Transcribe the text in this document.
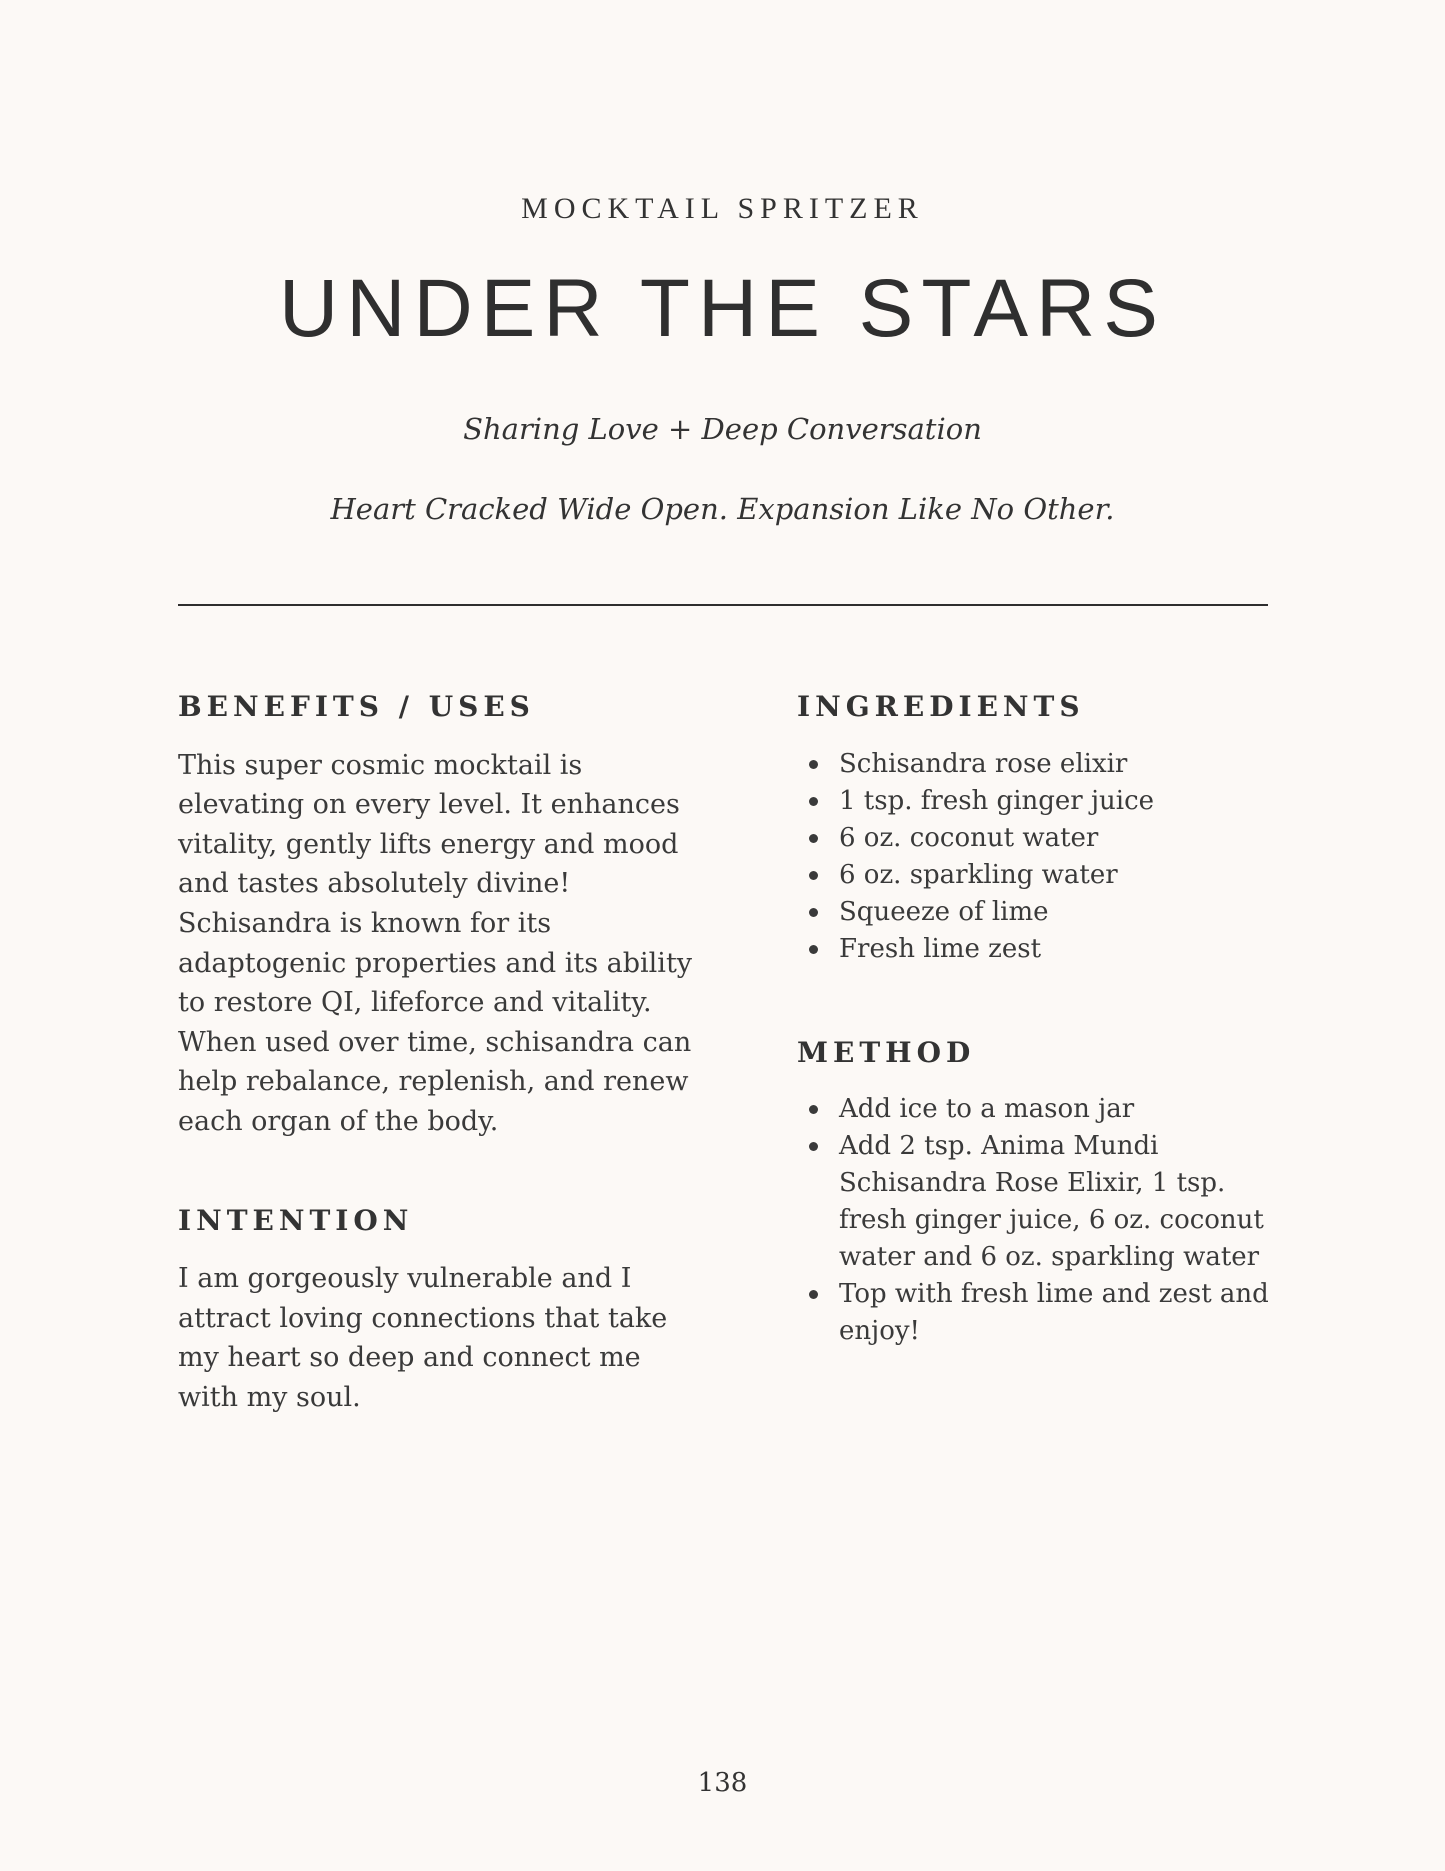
MOCKTAIL SPRITZER
UNDER THE STARS
Sharing Love + Deep Conversation
Heart Cracked Wide Open. Expansion Like No Other.
BENEFITS / USES

This super cosmic mocktail is elevating on every level. It enhances vitality, gently lifts energy and mood and tastes absolutely divine! Schisandra is known for its adaptogenic properties and its ability to restore QI, lifeforce and vitality. When used over time, schisandra can help rebalance, replenish, and renew each organ of the body.

INTENTION

I am gorgeously vulnerable and I attract loving connections that take my heart so deep and connect me with my soul.

INGREDIENTS
Schisandra rose elixir
1 tsp. fresh ginger juice
6 oz. coconut water
6 oz. sparkling water
Squeeze of lime
Fresh lime zest
METHOD
Add ice to a mason jar
Add 2 tsp. Anima Mundi Schisandra Rose Elixir, 1 tsp. fresh ginger juice, 6 oz. coconut water and 6 oz. sparkling water
Top with fresh lime and zest and enjoy!
138
